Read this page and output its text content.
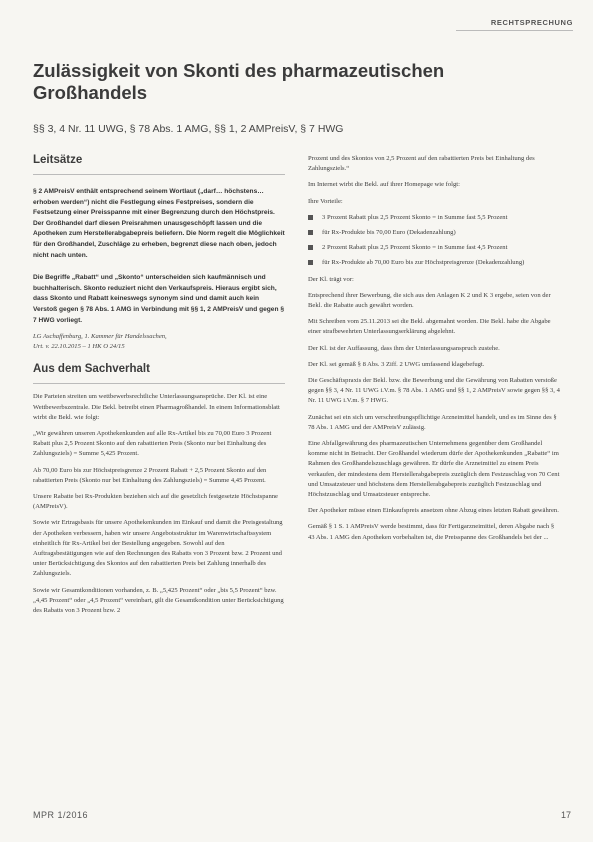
RECHTSPRECHUNG
Zulässigkeit von Skonti des pharmazeutischen Großhandels
§§ 3, 4 Nr. 11 UWG, § 78 Abs. 1 AMG, §§ 1, 2 AMPreisV, § 7 HWG
Leitsätze

§ 2 AMPreisV enthält entsprechend seinem Wortlaut („darf… höchstens… erhoben werden“) nicht die Festlegung eines Festpreises, sondern die Festsetzung einer Preisspanne mit einer Begrenzung durch den Höchstpreis. Der Großhandel darf diesen Preisrahmen unausgeschöpft lassen und die Apotheken zum Herstellerabgabepreis beliefern. Die Norm regelt die Möglichkeit für den Großhandel, Zuschläge zu erheben, begrenzt diese nach oben, jedoch nicht nach unten.

Die Begriffe „Rabatt“ und „Skonto“ unterscheiden sich kaufmännisch und buchhalterisch. Skonto reduziert nicht den Verkaufspreis. Hieraus ergibt sich, dass Skonto und Rabatt keineswegs synonym sind und damit auch kein Verstoß gegen § 78 Abs. 1 AMG in Verbindung mit §§ 1, 2 AMPreisV und gegen § 7 HWG vorliegt.

LG Aschaffenburg, 1. Kammer für Handelssachen,
Urt. v. 22.10.2015 – 1 HK O 24/15
Aus dem Sachverhalt

Die Parteien streiten um wettbewerbsrechtliche Unterlassungsansprüche. Der Kl. ist eine Wettbewerbszentrale. Die Bekl. betreibt einen Pharmagroßhandel. In einem Informationsblatt wirbt die Bekl. wie folgt:

„Wir gewähren unseren Apothekenkunden auf alle Rx-Artikel bis zu 70,00 Euro 3 Prozent Rabatt plus 2,5 Prozent Skonto auf den rabattierten Preis (Skonto nur bei Einhaltung des Zahlungsziels) = Summe 5,425 Prozent.

Ab 70,00 Euro bis zur Höchstpreisgrenze 2 Prozent Rabatt + 2,5 Prozent Skonto auf den rabattierten Preis (Skonto nur bei Einhaltung des Zahlungsziels) = Summe 4,45 Prozent.

Unsere Rabatte bei Rx-Produkten beziehen sich auf die gesetzlich festgesetzte Höchstspanne (AMPreisV).

Sowie wir Ertragsbasis für unsere Apothekenkunden im Einkauf und damit die Preisgestaltung der Apotheken verbessern, haben wir unsere Angebotsstruktur im Warenwirtschaftssystem einheitlich für Rx-Artikel bei der Bestellung angegeben. Sowohl auf den Auftragsbestätigungen wie auf den Rechnungen des Rabatts von 3 Prozent bzw. 2 Prozent und unter Berücksichtigung des Skontos auf den rabattierten Preis bei Zahlung innerhalb des Zahlungsziels.

Sowie wir Gesamtkonditionen vorhanden, z. B. „5,425 Prozent“ oder „bis 5,5 Prozent“ bzw. „4,45 Prozent“ oder „4,5 Prozent“ vereinbart, gilt die Gesamtkondition unter Berücksichtigung des Rabatts von 3 Prozent bzw. 2

Prozent und des Skontos von 2,5 Prozent auf den rabattierten Preis bei Einhaltung des Zahlungsziels.“

Im Internet wirbt die Bekl. auf ihrer Homepage wie folgt:

Ihre Vorteile:

3 Prozent Rabatt plus 2,5 Prozent Skonto = in Summe fast 5,5 Prozent
für Rx-Produkte bis 70,00 Euro (Dekadenzahlung)
2 Prozent Rabatt plus 2,5 Prozent Skonto = in Summe fast 4,5 Prozent
für Rx-Produkte ab 70,00 Euro bis zur Höchstpreisgrenze (Dekadenzahlung)

Der Kl. trägt vor:

Entsprechend ihrer Bewerbung, die sich aus den Anlagen K 2 und K 3 ergebe, seien von der Bekl. die Rabatte auch gewährt worden.

Mit Schreiben vom 25.11.2013 sei die Bekl. abgemahnt worden. Die Bekl. habe die Abgabe einer strafbewehrten Unterlassungserklärung abgelehnt.

Der Kl. ist der Auffassung, dass ihm der Unterlassungsanspruch zustehe.

Der Kl. sei gemäß § 8 Abs. 3 Ziff. 2 UWG umfassend klagebefugt.

Die Geschäftspraxis der Bekl. bzw. die Bewerbung und die Gewährung von Rabatten verstoße gegen §§ 3, 4 Nr. 11 UWG i.V.m. § 78 Abs. 1 AMG und §§ 1, 2 AMPreisV sowie gegen §§ 3, 4 Nr. 11 UWG i.V.m. § 7 HWG.

Zunächst sei ein sich um verschreibungspflichtige Arzneimittel handelt, und es im Sinne des § 78 Abs. 1 AMG und der AMPreisV zulässig.

Eine Abfallgewährung des pharmazeutischen Unternehmens gegenüber dem Großhandel komme nicht in Betracht. Der Großhandel wiederum dürfe der Apothekenkunden „Rabatte“ im Rahmen des Großhandelszuschlags gewähren. Er dürfe die Arzneimittel zu einem Preis verkaufen, der mindestens dem Herstellerabgabepreis zuzüglich dem Festzuschlag von 70 Cent und Umsatzsteuer und höchstens dem Herstellerabgabepreis zuzüglich Festzuschlag und Höchstzuschlag und Umsatzsteuer entspreche.

Der Apotheker müsse einen Einkaufspreis ansetzen ohne Abzug eines letzten Rabatt gewähren.

Gemäß § 1 S. 1 AMPreisV werde bestimmt, dass für Fertigarzneimittel, deren Abgabe nach § 43 Abs. 1 AMG den Apotheken vorbehalten ist, die Preisspanne des Großhandels bei der ...

MPR 1/2016	17
